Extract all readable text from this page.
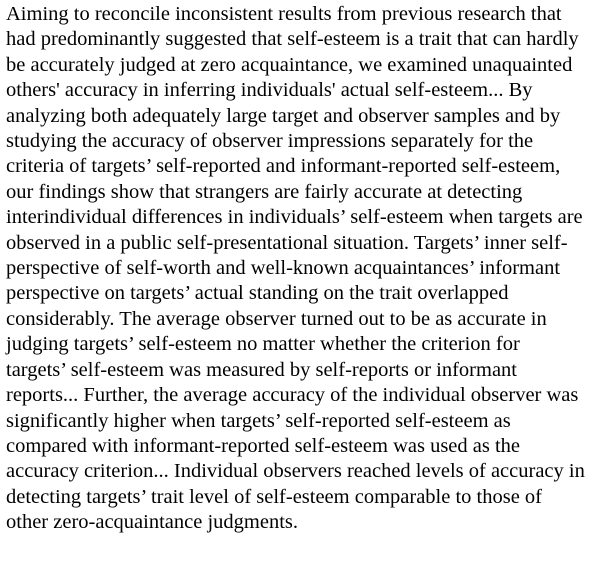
Aiming to reconcile inconsistent results from previous research that
had predominantly suggested that self-esteem is a trait that can hardly
be accurately judged at zero acquaintance, we examined unaquainted
others' accuracy in inferring individuals' actual self-esteem... By
analyzing both adequately large target and observer samples and by
studying the accuracy of observer impressions separately for the
criteria of targets’ self-reported and informant-reported self-esteem,
our findings show that strangers are fairly accurate at detecting
interindividual differences in individuals’ self-esteem when targets are
observed in a public self-presentational situation. Targets’ inner self-
perspective of self-worth and well-known acquaintances’ informant
perspective on targets’ actual standing on the trait overlapped
considerably. The average observer turned out to be as accurate in
judging targets’ self-esteem no matter whether the criterion for
targets’ self-esteem was measured by self-reports or informant
reports... Further, the average accuracy of the individual observer was
significantly higher when targets’ self-reported self-esteem as
compared with informant-reported self-esteem was used as the
accuracy criterion... Individual observers reached levels of accuracy in
detecting targets’ trait level of self-esteem comparable to those of
other zero-acquaintance judgments.
